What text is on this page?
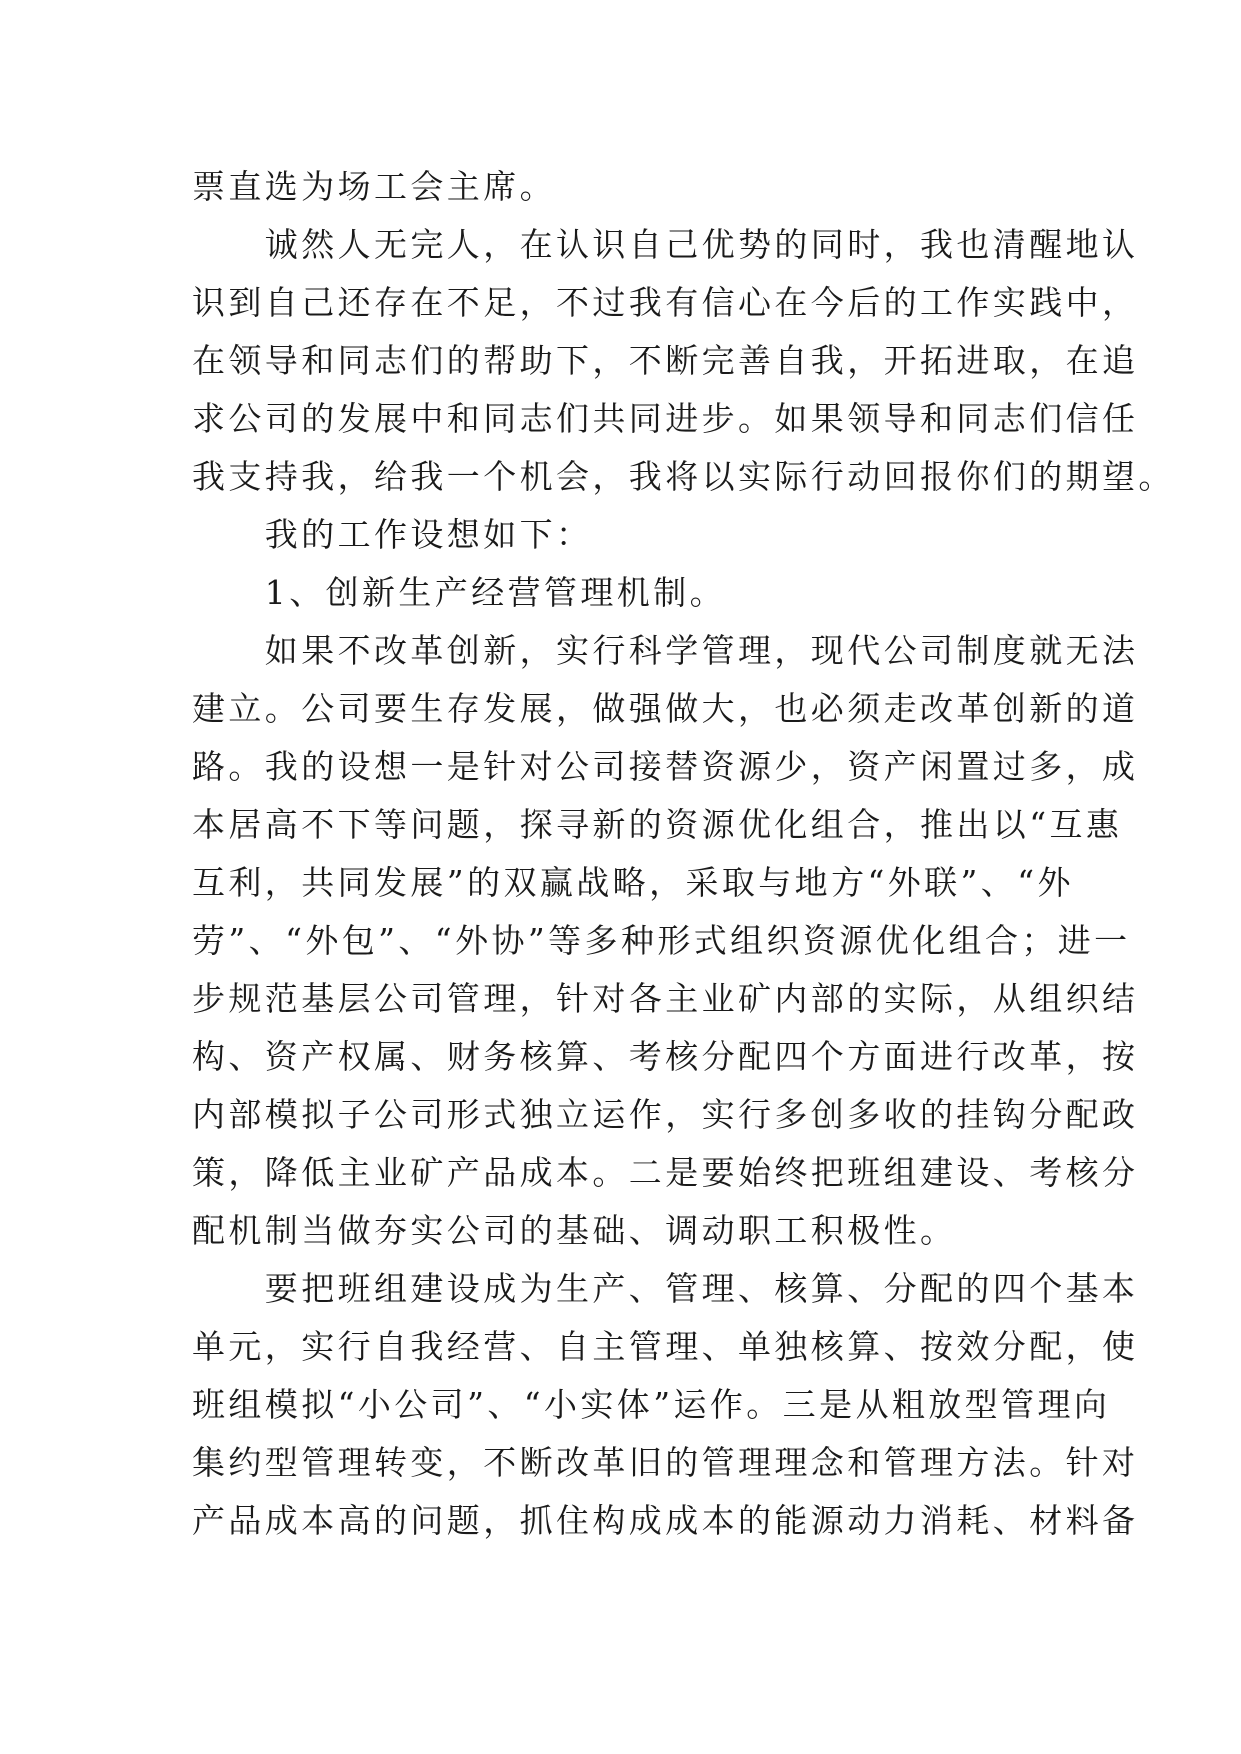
票直选为场工会主席。
　　诚然人无完人，在认识自己优势的同时，我也清醒地认
识到自己还存在不足，不过我有信心在今后的工作实践中，
在领导和同志们的帮助下，不断完善自我，开拓进取，在追
求公司的发展中和同志们共同进步。如果领导和同志们信任
我支持我，给我一个机会，我将以实际行动回报你们的期望。
　　我的工作设想如下：
　　1、创新生产经营管理机制。
　　如果不改革创新，实行科学管理，现代公司制度就无法
建立。公司要生存发展，做强做大，也必须走改革创新的道
路。我的设想一是针对公司接替资源少，资产闲置过多，成
本居高不下等问题，探寻新的资源优化组合，推出以“互惠
互利，共同发展”的双赢战略，采取与地方“外联”、“外
劳”、“外包”、“外协”等多种形式组织资源优化组合；进一
步规范基层公司管理，针对各主业矿内部的实际，从组织结
构、资产权属、财务核算、考核分配四个方面进行改革，按
内部模拟子公司形式独立运作，实行多创多收的挂钩分配政
策，降低主业矿产品成本。二是要始终把班组建设、考核分
配机制当做夯实公司的基础、调动职工积极性。
　　要把班组建设成为生产、管理、核算、分配的四个基本
单元，实行自我经营、自主管理、单独核算、按效分配，使
班组模拟“小公司”、“小实体”运作。三是从粗放型管理向
集约型管理转变，不断改革旧的管理理念和管理方法。针对
产品成本高的问题，抓住构成成本的能源动力消耗、材料备
